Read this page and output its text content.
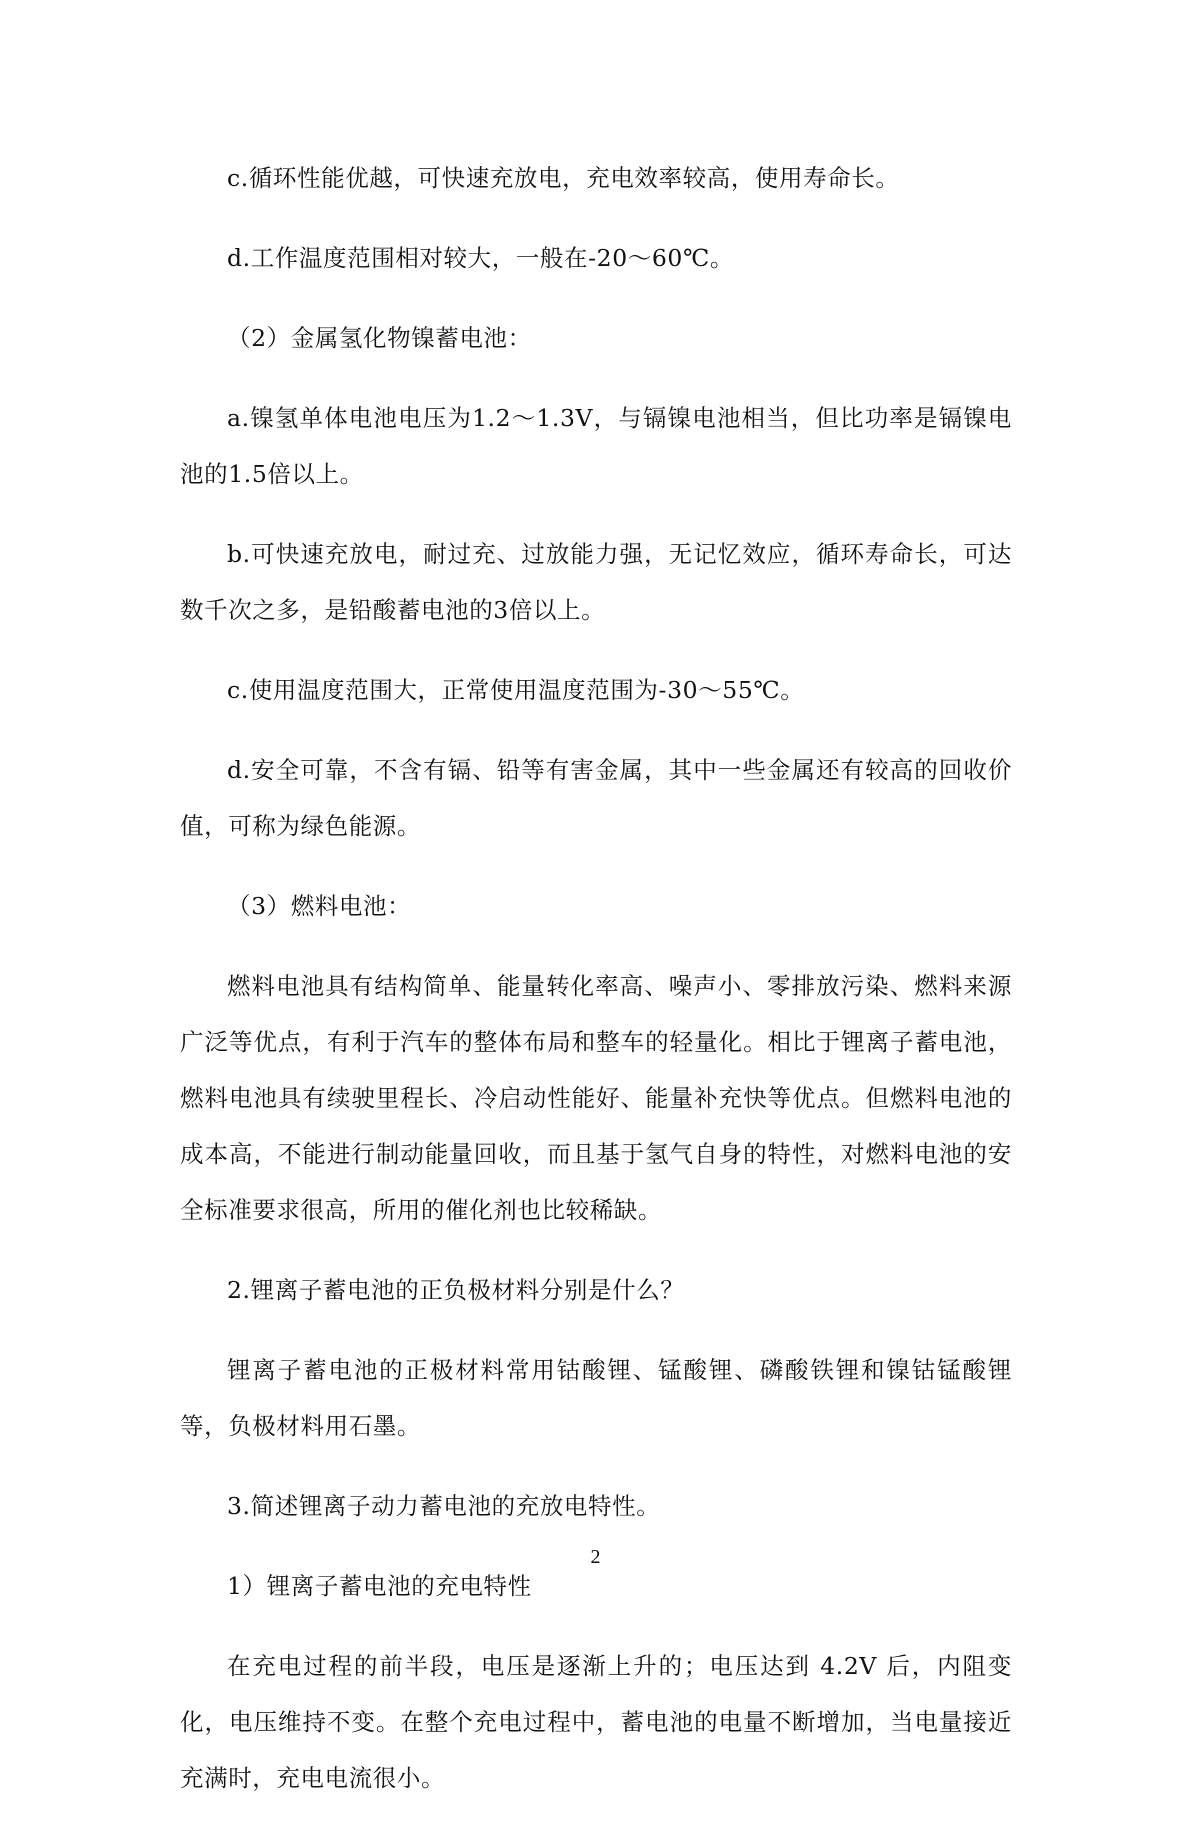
c.循环性能优越，可快速充放电，充电效率较高，使用寿命长。

d.工作温度范围相对较大，一般在-20～60℃。

（2）金属氢化物镍蓄电池：

a.镍氢单体电池电压为1.2～1.3V，与镉镍电池相当，但比功率是镉镍电池的1.5倍以上。

b.可快速充放电，耐过充、过放能力强，无记忆效应，循环寿命长，可达数千次之多，是铅酸蓄电池的3倍以上。

c.使用温度范围大，正常使用温度范围为-30～55℃。

d.安全可靠，不含有镉、铅等有害金属，其中一些金属还有较高的回收价值，可称为绿色能源。

（3）燃料电池：

燃料电池具有结构简单、能量转化率高、噪声小、零排放污染、燃料来源广泛等优点，有利于汽车的整体布局和整车的轻量化。相比于锂离子蓄电池，燃料电池具有续驶里程长、冷启动性能好、能量补充快等优点。但燃料电池的成本高，不能进行制动能量回收，而且基于氢气自身的特性，对燃料电池的安全标准要求很高，所用的催化剂也比较稀缺。

2.锂离子蓄电池的正负极材料分别是什么？

锂离子蓄电池的正极材料常用钴酸锂、锰酸锂、磷酸铁锂和镍钴锰酸锂等，负极材料用石墨。

3.简述锂离子动力蓄电池的充放电特性。

1）锂离子蓄电池的充电特性

在充电过程的前半段，电压是逐渐上升的；电压达到 4.2V 后，内阻变化，电压维持不变。在整个充电过程中，蓄电池的电量不断增加，当电量接近充满时，充电电流很小。

2
